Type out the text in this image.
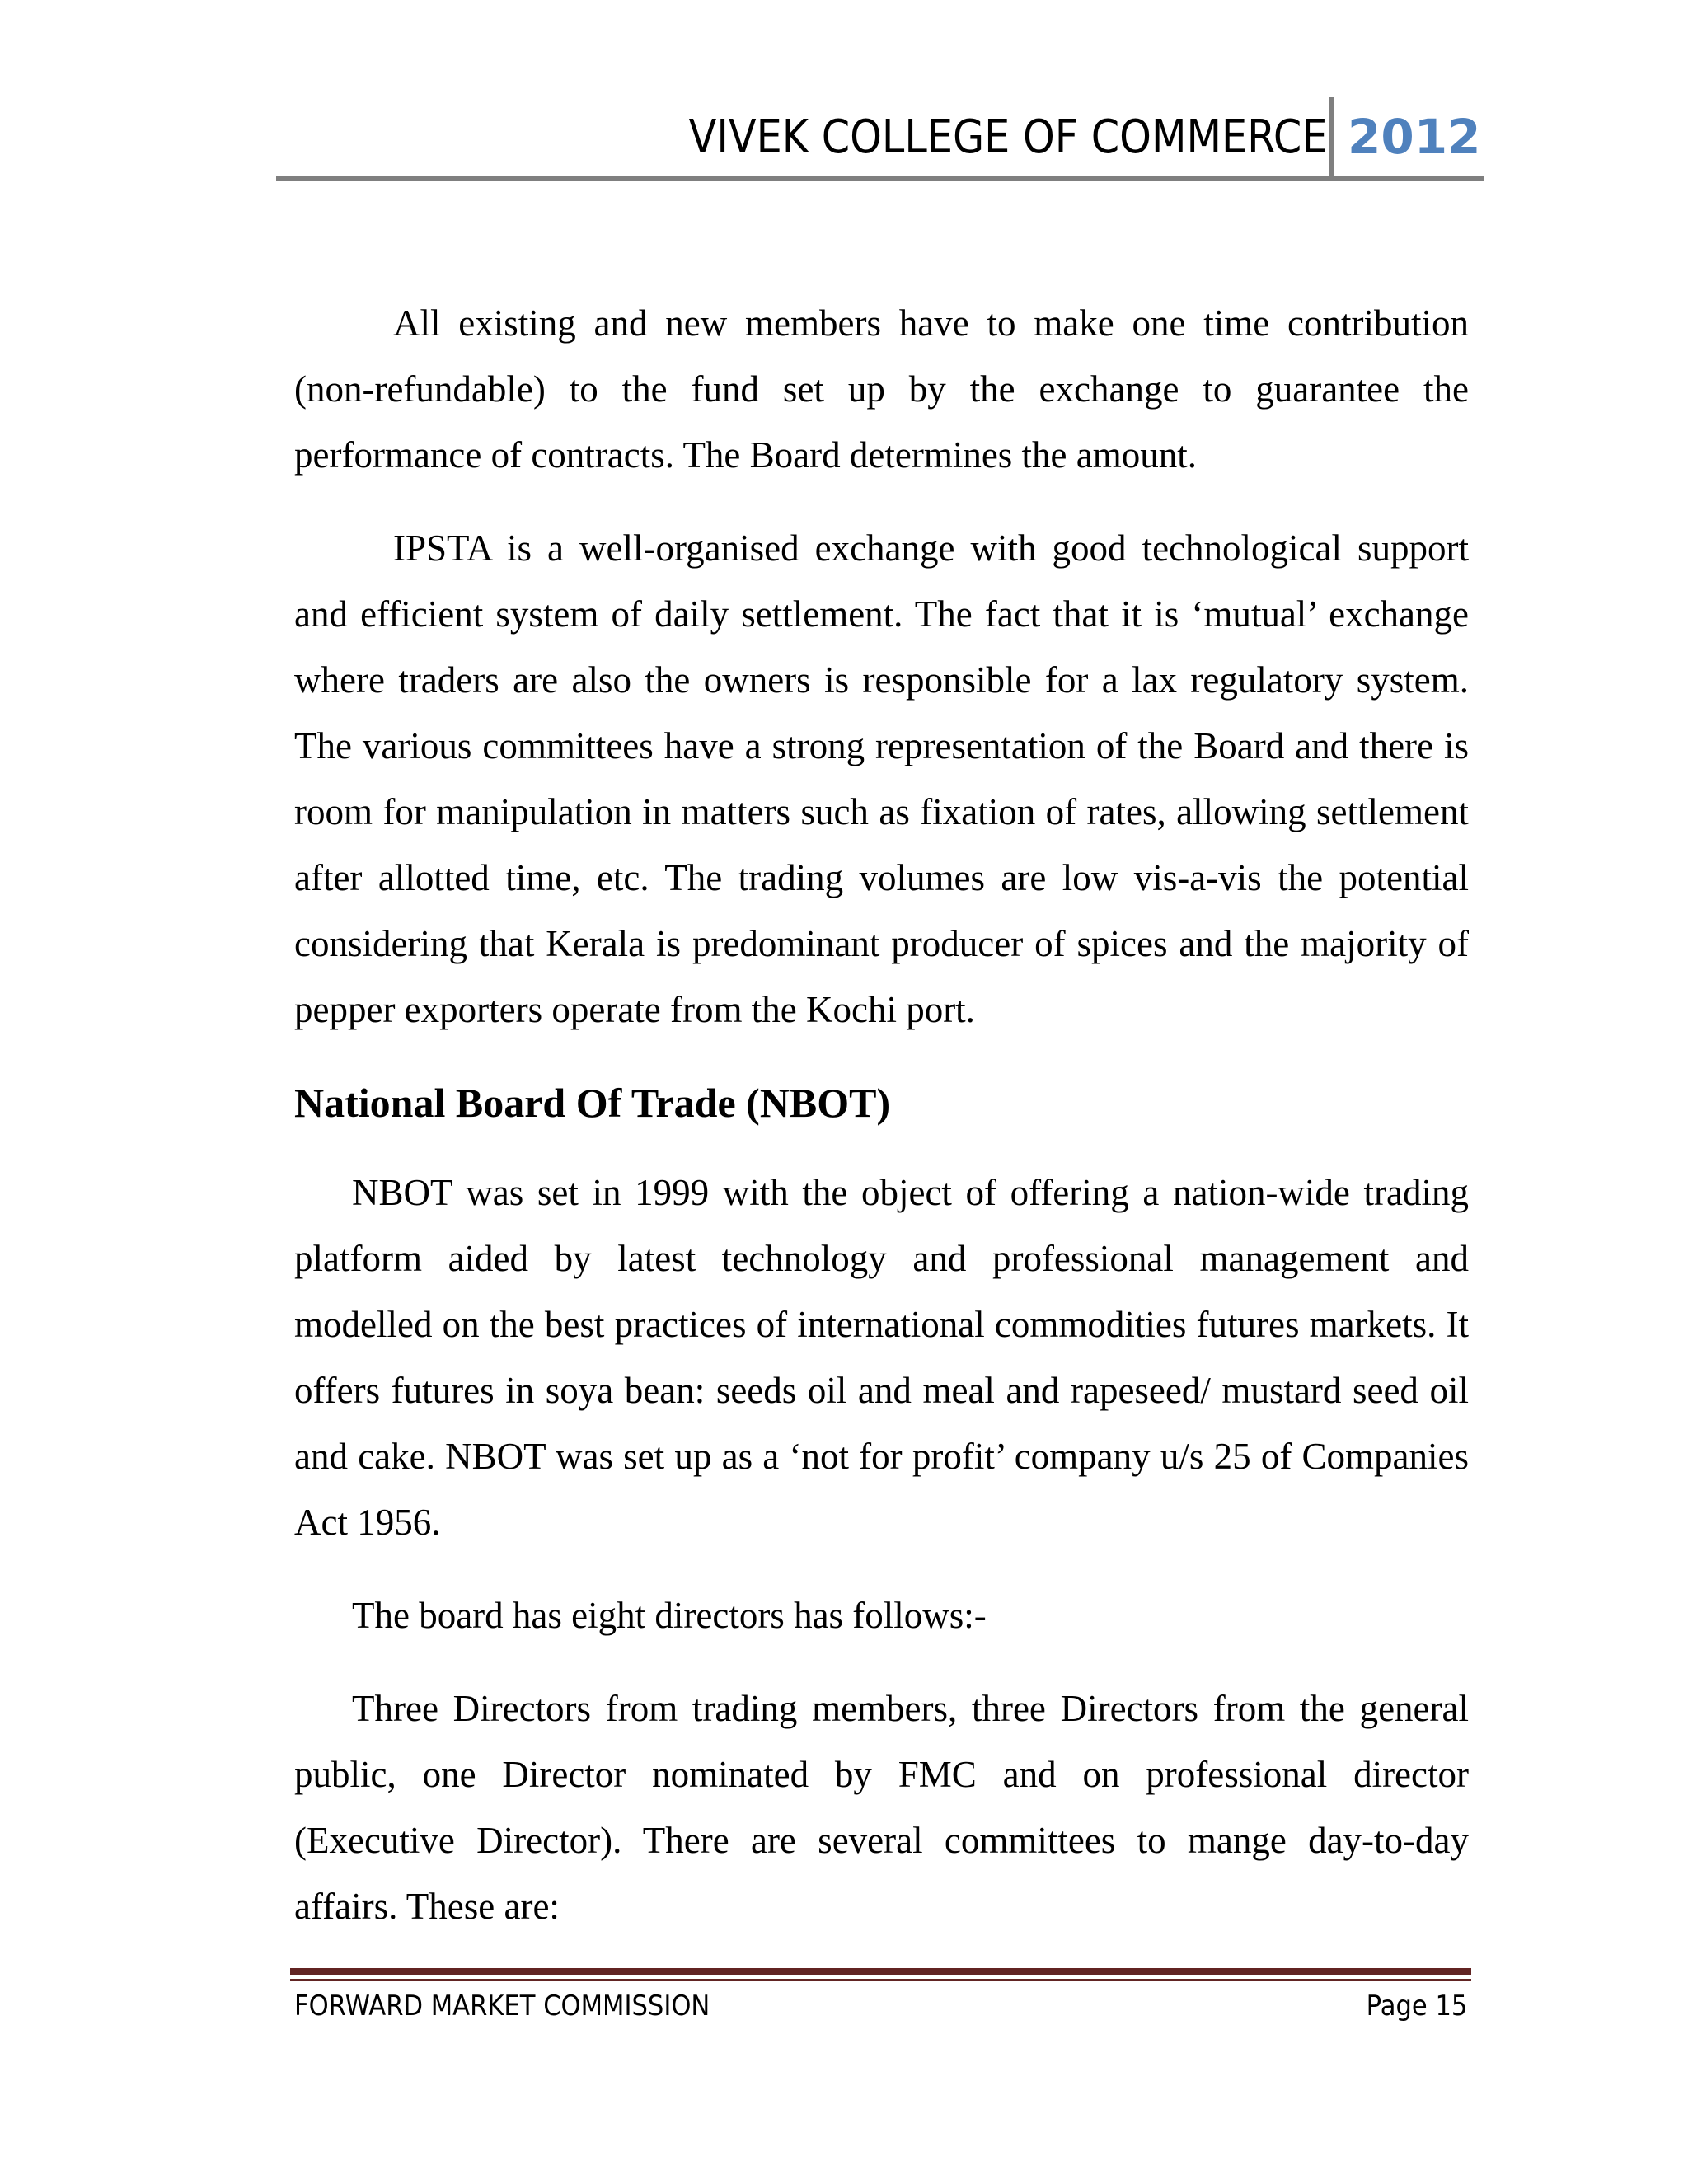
VIVEK COLLEGE OF COMMERCE 2012

All existing and new members have to make one time contribution (non-refundable) to the fund set up by the exchange to guarantee the performance of contracts. The Board determines the amount.

IPSTA is a well-organised exchange with good technological support and efficient system of daily settlement. The fact that it is ‘mutual’ exchange where traders are also the owners is responsible for a lax regulatory system. The various committees have a strong representation of the Board and there is room for manipulation in matters such as fixation of rates, allowing settlement after allotted time, etc. The trading volumes are low vis-a-vis the potential considering that Kerala is predominant producer of spices and the majority of pepper exporters operate from the Kochi port.

National Board Of Trade (NBOT)

NBOT was set in 1999 with the object of offering a nation-wide trading platform aided by latest technology and professional management and modelled on the best practices of international commodities futures markets. It offers futures in soya bean: seeds oil and meal and rapeseed/ mustard seed oil and cake. NBOT was set up as a ‘not for profit’ company u/s 25 of Companies Act 1956.

The board has eight directors has follows:-

Three Directors from trading members, three Directors from the general public, one Director nominated by FMC and on professional director (Executive Director). There are several committees to mange day-to-day affairs. These are:

FORWARD MARKET COMMISSION	Page 15
